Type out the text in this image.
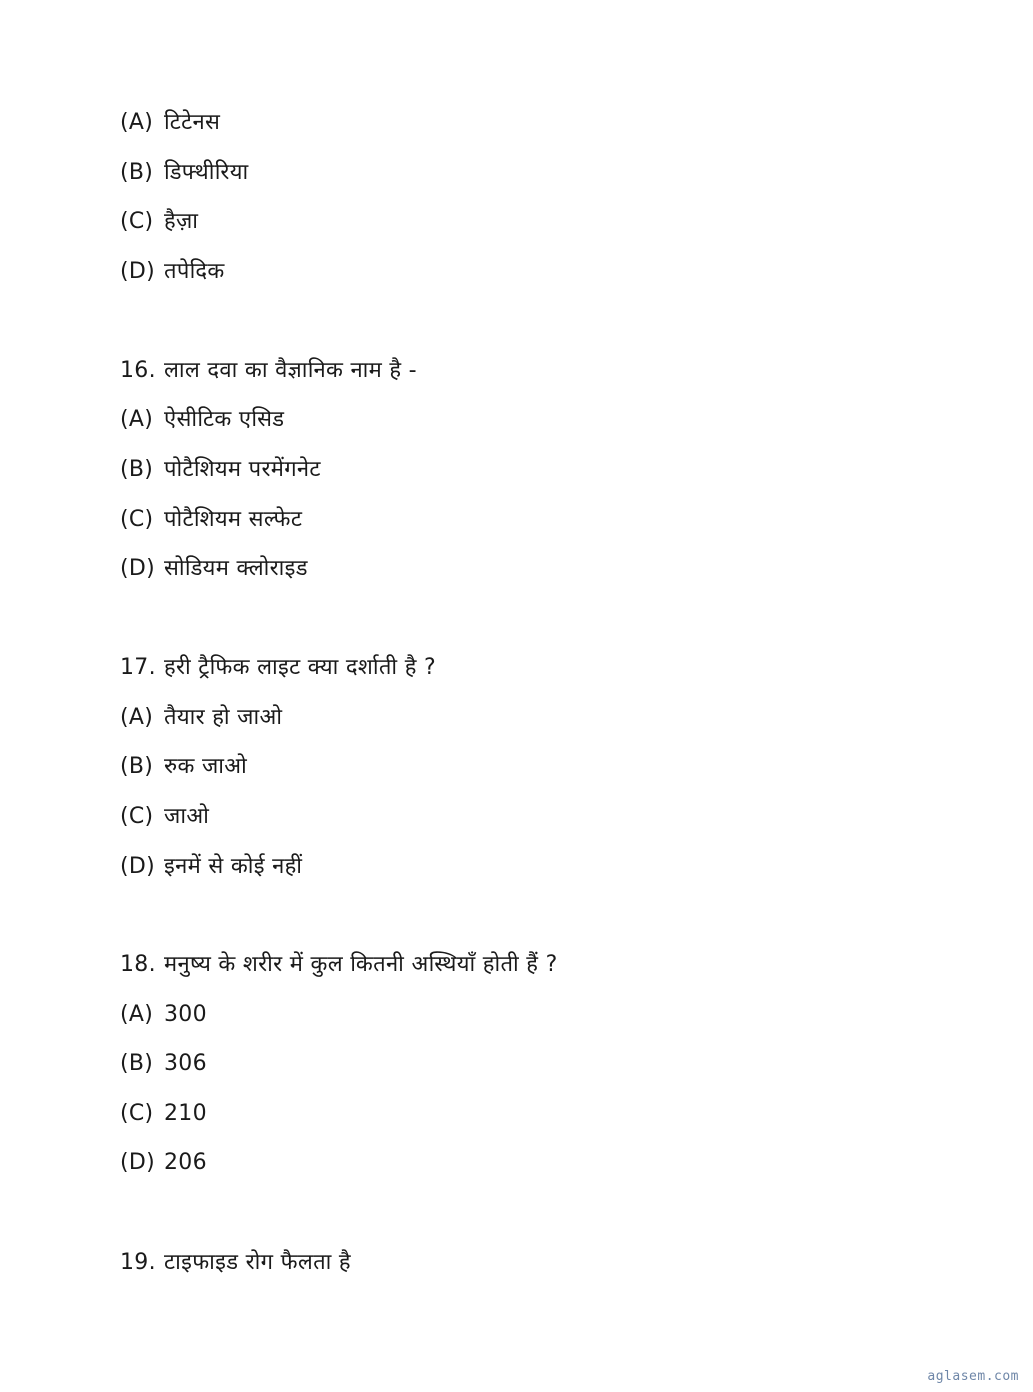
(A) टिटेनस
(B) डिफ्थीरिया
(C) हैज़ा
(D) तपेदिक
16. लाल दवा का वैज्ञानिक नाम है -
(A) ऐसीटिक एसिड
(B) पोटैशियम परमेंगनेट
(C) पोटैशियम सल्फेट
(D) सोडियम क्लोराइड
17. हरी ट्रैफिक लाइट क्या दर्शाती है ?
(A) तैयार हो जाओ
(B) रुक जाओ
(C) जाओ
(D) इनमें से कोई नहीं
18. मनुष्य के शरीर में कुल कितनी अस्थियाँ होती हैं ?
(A) 300
(B) 306
(C) 210
(D) 206
19. टाइफाइड रोग फैलता है
aglasem.com
